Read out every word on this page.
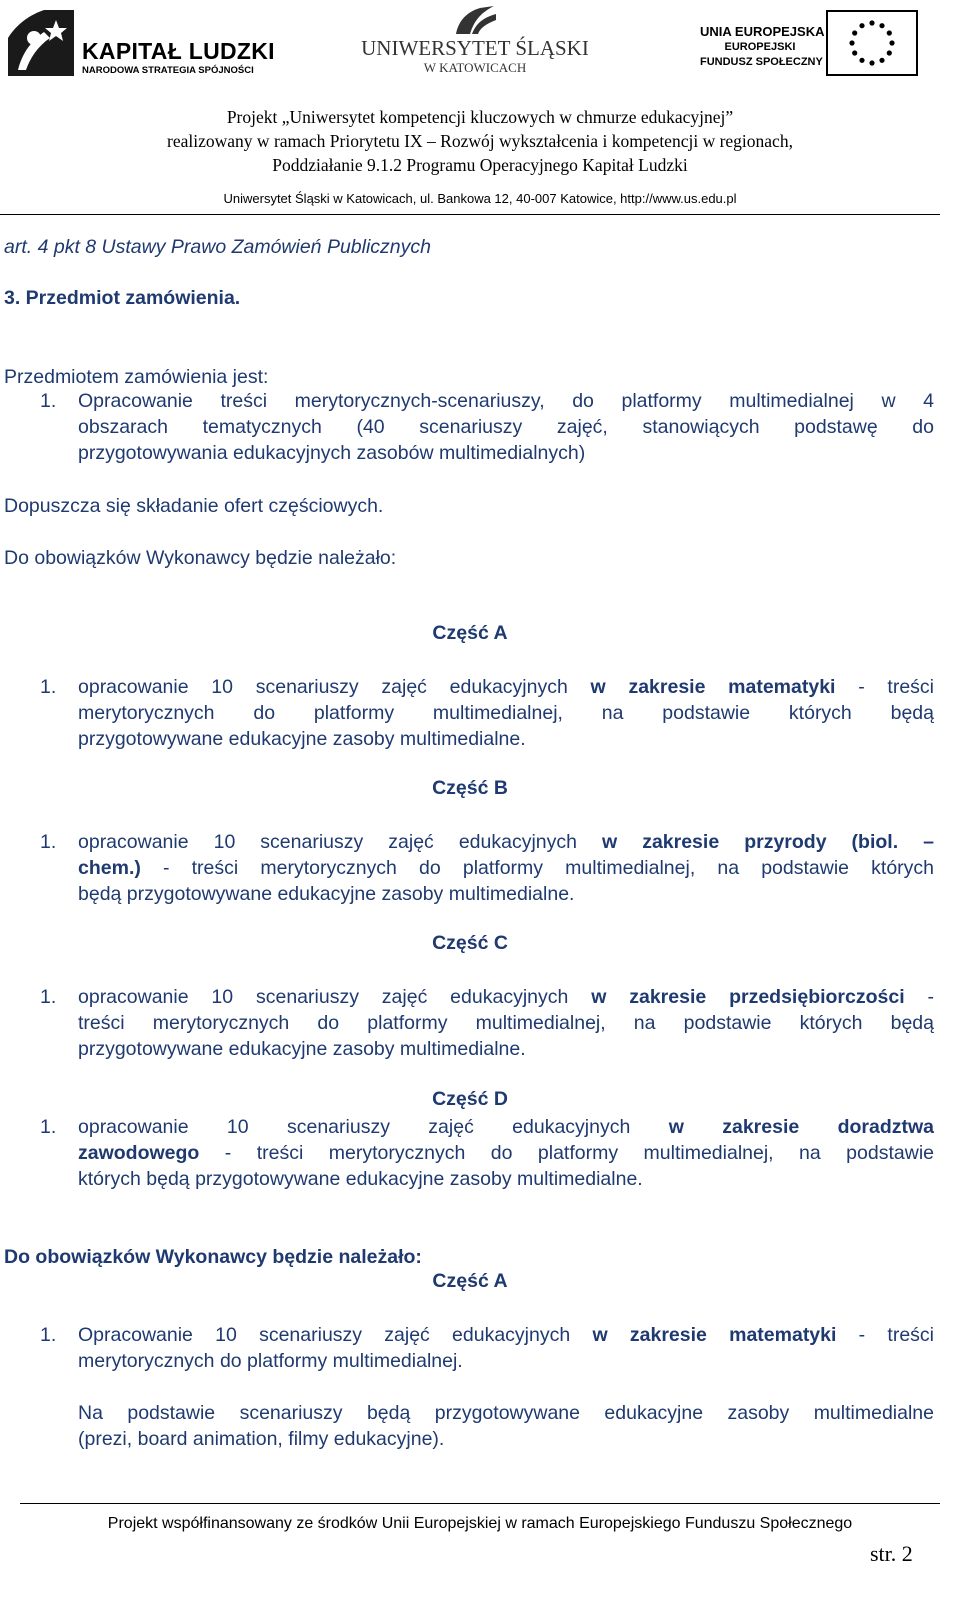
KAPITAŁ LUDZKI
NARODOWA STRATEGIA SPÓJNOŚCI
UNIWERSYTET ŚLĄSKI
W KATOWICACH
UNIA EUROPEJSKA
EUROPEJSKI
FUNDUSZ SPOŁECZNY
Projekt „Uniwersytet kompetencji kluczowych w chmurze edukacyjnej”
realizowany w ramach Priorytetu IX – Rozwój wykształcenia i kompetencji w regionach,
Poddziałanie 9.1.2 Programu Operacyjnego Kapitał Ludzki
Uniwersytet Śląski w Katowicach, ul. Bankowa 12, 40-007 Katowice, http://www.us.edu.pl
art. 4 pkt 8 Ustawy Prawo Zamówień Publicznych
3. Przedmiot zamówienia.
Przedmiotem zamówienia jest:
1. Opracowanie treści merytorycznych-scenariuszy, do platformy multimedialnej w 4
obszarach tematycznych (40 scenariuszy zajęć, stanowiących podstawę do
przygotowywania edukacyjnych zasobów multimedialnych)
Dopuszcza się składanie ofert częściowych.
Do obowiązków Wykonawcy będzie należało:
Część A
1. opracowanie 10 scenariuszy zajęć edukacyjnych w zakresie matematyki - treści
merytorycznych do platformy multimedialnej, na podstawie których będą
przygotowywane edukacyjne zasoby multimedialne.
Część B
1. opracowanie 10 scenariuszy zajęć edukacyjnych w zakresie przyrody (biol. –
chem.) - treści merytorycznych do platformy multimedialnej, na podstawie których
będą przygotowywane edukacyjne zasoby multimedialne.
Część C
1. opracowanie 10 scenariuszy zajęć edukacyjnych w zakresie przedsiębiorczości -
treści merytorycznych do platformy multimedialnej, na podstawie których będą
przygotowywane edukacyjne zasoby multimedialne.
Część D
1. opracowanie 10 scenariuszy zajęć edukacyjnych w zakresie doradztwa
zawodowego - treści merytorycznych do platformy multimedialnej, na podstawie
których będą przygotowywane edukacyjne zasoby multimedialne.
Do obowiązków Wykonawcy będzie należało:
Część A
1. Opracowanie 10 scenariuszy zajęć edukacyjnych w zakresie matematyki - treści
merytorycznych do platformy multimedialnej.
Na podstawie scenariuszy będą przygotowywane edukacyjne zasoby multimedialne
(prezi, board animation, filmy edukacyjne).
Projekt współfinansowany ze środków Unii Europejskiej w ramach Europejskiego Funduszu Społecznego
str. 2
